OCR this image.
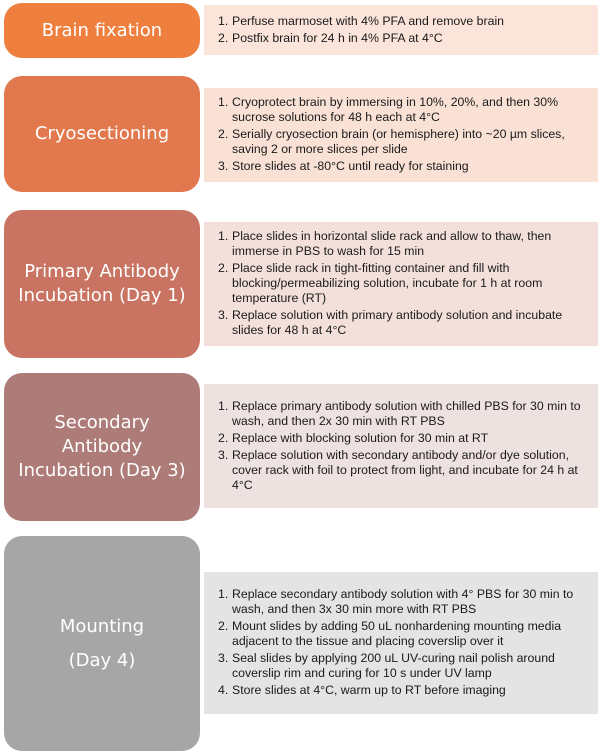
Brain fixation	1. Perfuse marmoset with 4% PFA and remove brain
2. Postfix brain for 24 h in 4% PFA at 4°C
Cryosectioning
1. Cryoprotect brain by immersing in 10%, 20%, and then 30% sucrose solutions for 48 h each at 4°C
2. Serially cryosection brain (or hemisphere) into ~20 µm slices, saving 2 or more slices per slide
3. Store slides at -80°C until ready for staining
Primary Antibody
Incubation (Day 1)
1. Place slides in horizontal slide rack and allow to thaw, then immerse in PBS to wash for 15 min
2. Place slide rack in tight-fitting container and fill with blocking/permeabilizing solution, incubate for 1 h at room temperature (RT)
3. Replace solution with primary antibody solution and incubate slides for 48 h at 4°C
Secondary
Antibody
Incubation (Day 3)
1. Replace primary antibody solution with chilled PBS for 30 min to wash, and then 2x 30 min with RT PBS
2. Replace with blocking solution for 30 min at RT
3. Replace solution with secondary antibody and/or dye solution, cover rack with foil to protect from light, and incubate for 24 h at 4°C
Mounting
(Day 4)
1. Replace secondary antibody solution with 4° PBS for 30 min to wash, and then 3x 30 min more with RT PBS
2. Mount slides by adding 50 uL nonhardening mounting media adjacent to the tissue and placing coverslip over it
3. Seal slides by applying 200 uL UV-curing nail polish around coverslip rim and curing for 10 s under UV lamp
4. Store slides at 4°C, warm up to RT before imaging
